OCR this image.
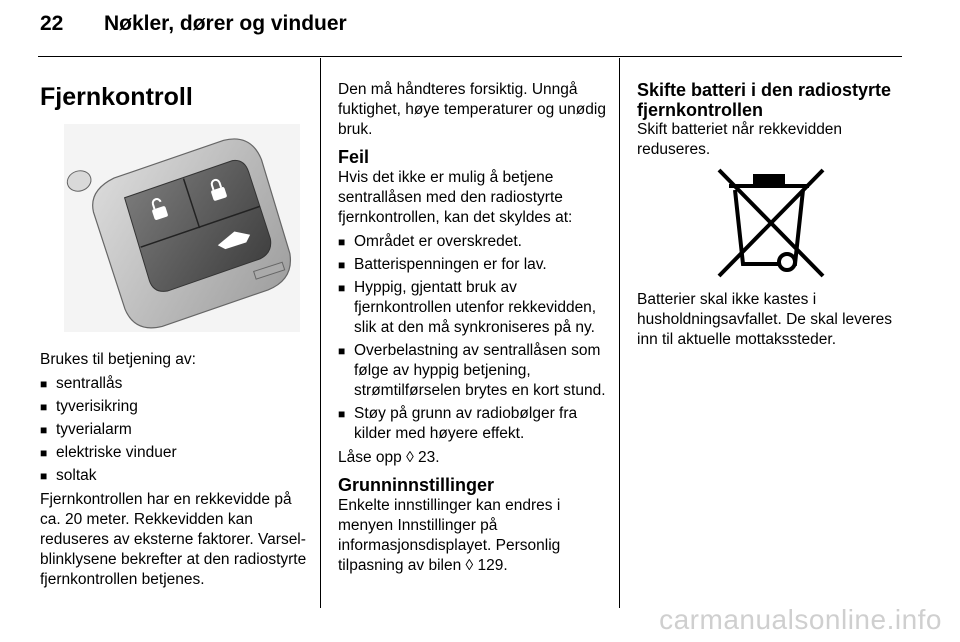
22 Nøkler, dører og vinduer
Fjernkontroll

Brukes til betjening av:

■ sentrallås
■ tyverisikring
■ tyverialarm
■ elektriske vinduer
■ soltak

Fjernkontrollen har en rekkevidde på ca. 20 meter. Rekkevidden kan reduseres av eksterne faktorer. Varselblinklysene bekrefter at den radiostyrte fjernkontrollen betjenes.

Den må håndteres forsiktig. Unngå fuktighet, høye temperaturer og unødig bruk.

Feil

Hvis det ikke er mulig å betjene sentrallåsen med den radiostyrte fjernkontrollen, kan det skyldes at:

■ Området er overskredet.
■ Batterispenningen er for lav.
■ Hyppig, gjentatt bruk av fjernkontrollen utenfor rekkevidden, slik at den må synkroniseres på ny.
■ Overbelastning av sentrallåsen som følge av hyppig betjening, strømtilførselen brytes en kort stund.
■ Støy på grunn av radiobølger fra kilder med høyere effekt.

Låse opp ◊ 23.

Grunninnstillinger

Enkelte innstillinger kan endres i menyen Innstillinger på informasjonsdisplayet. Personlig tilpasning av bilen ◊ 129.

Skifte batteri i den radiostyrte fjernkontrollen

Skift batteriet når rekkevidden reduseres.

Batterier skal ikke kastes i husholdningsavfallet. De skal leveres inn til aktuelle mottakssteder.

carmanualsonline.info
